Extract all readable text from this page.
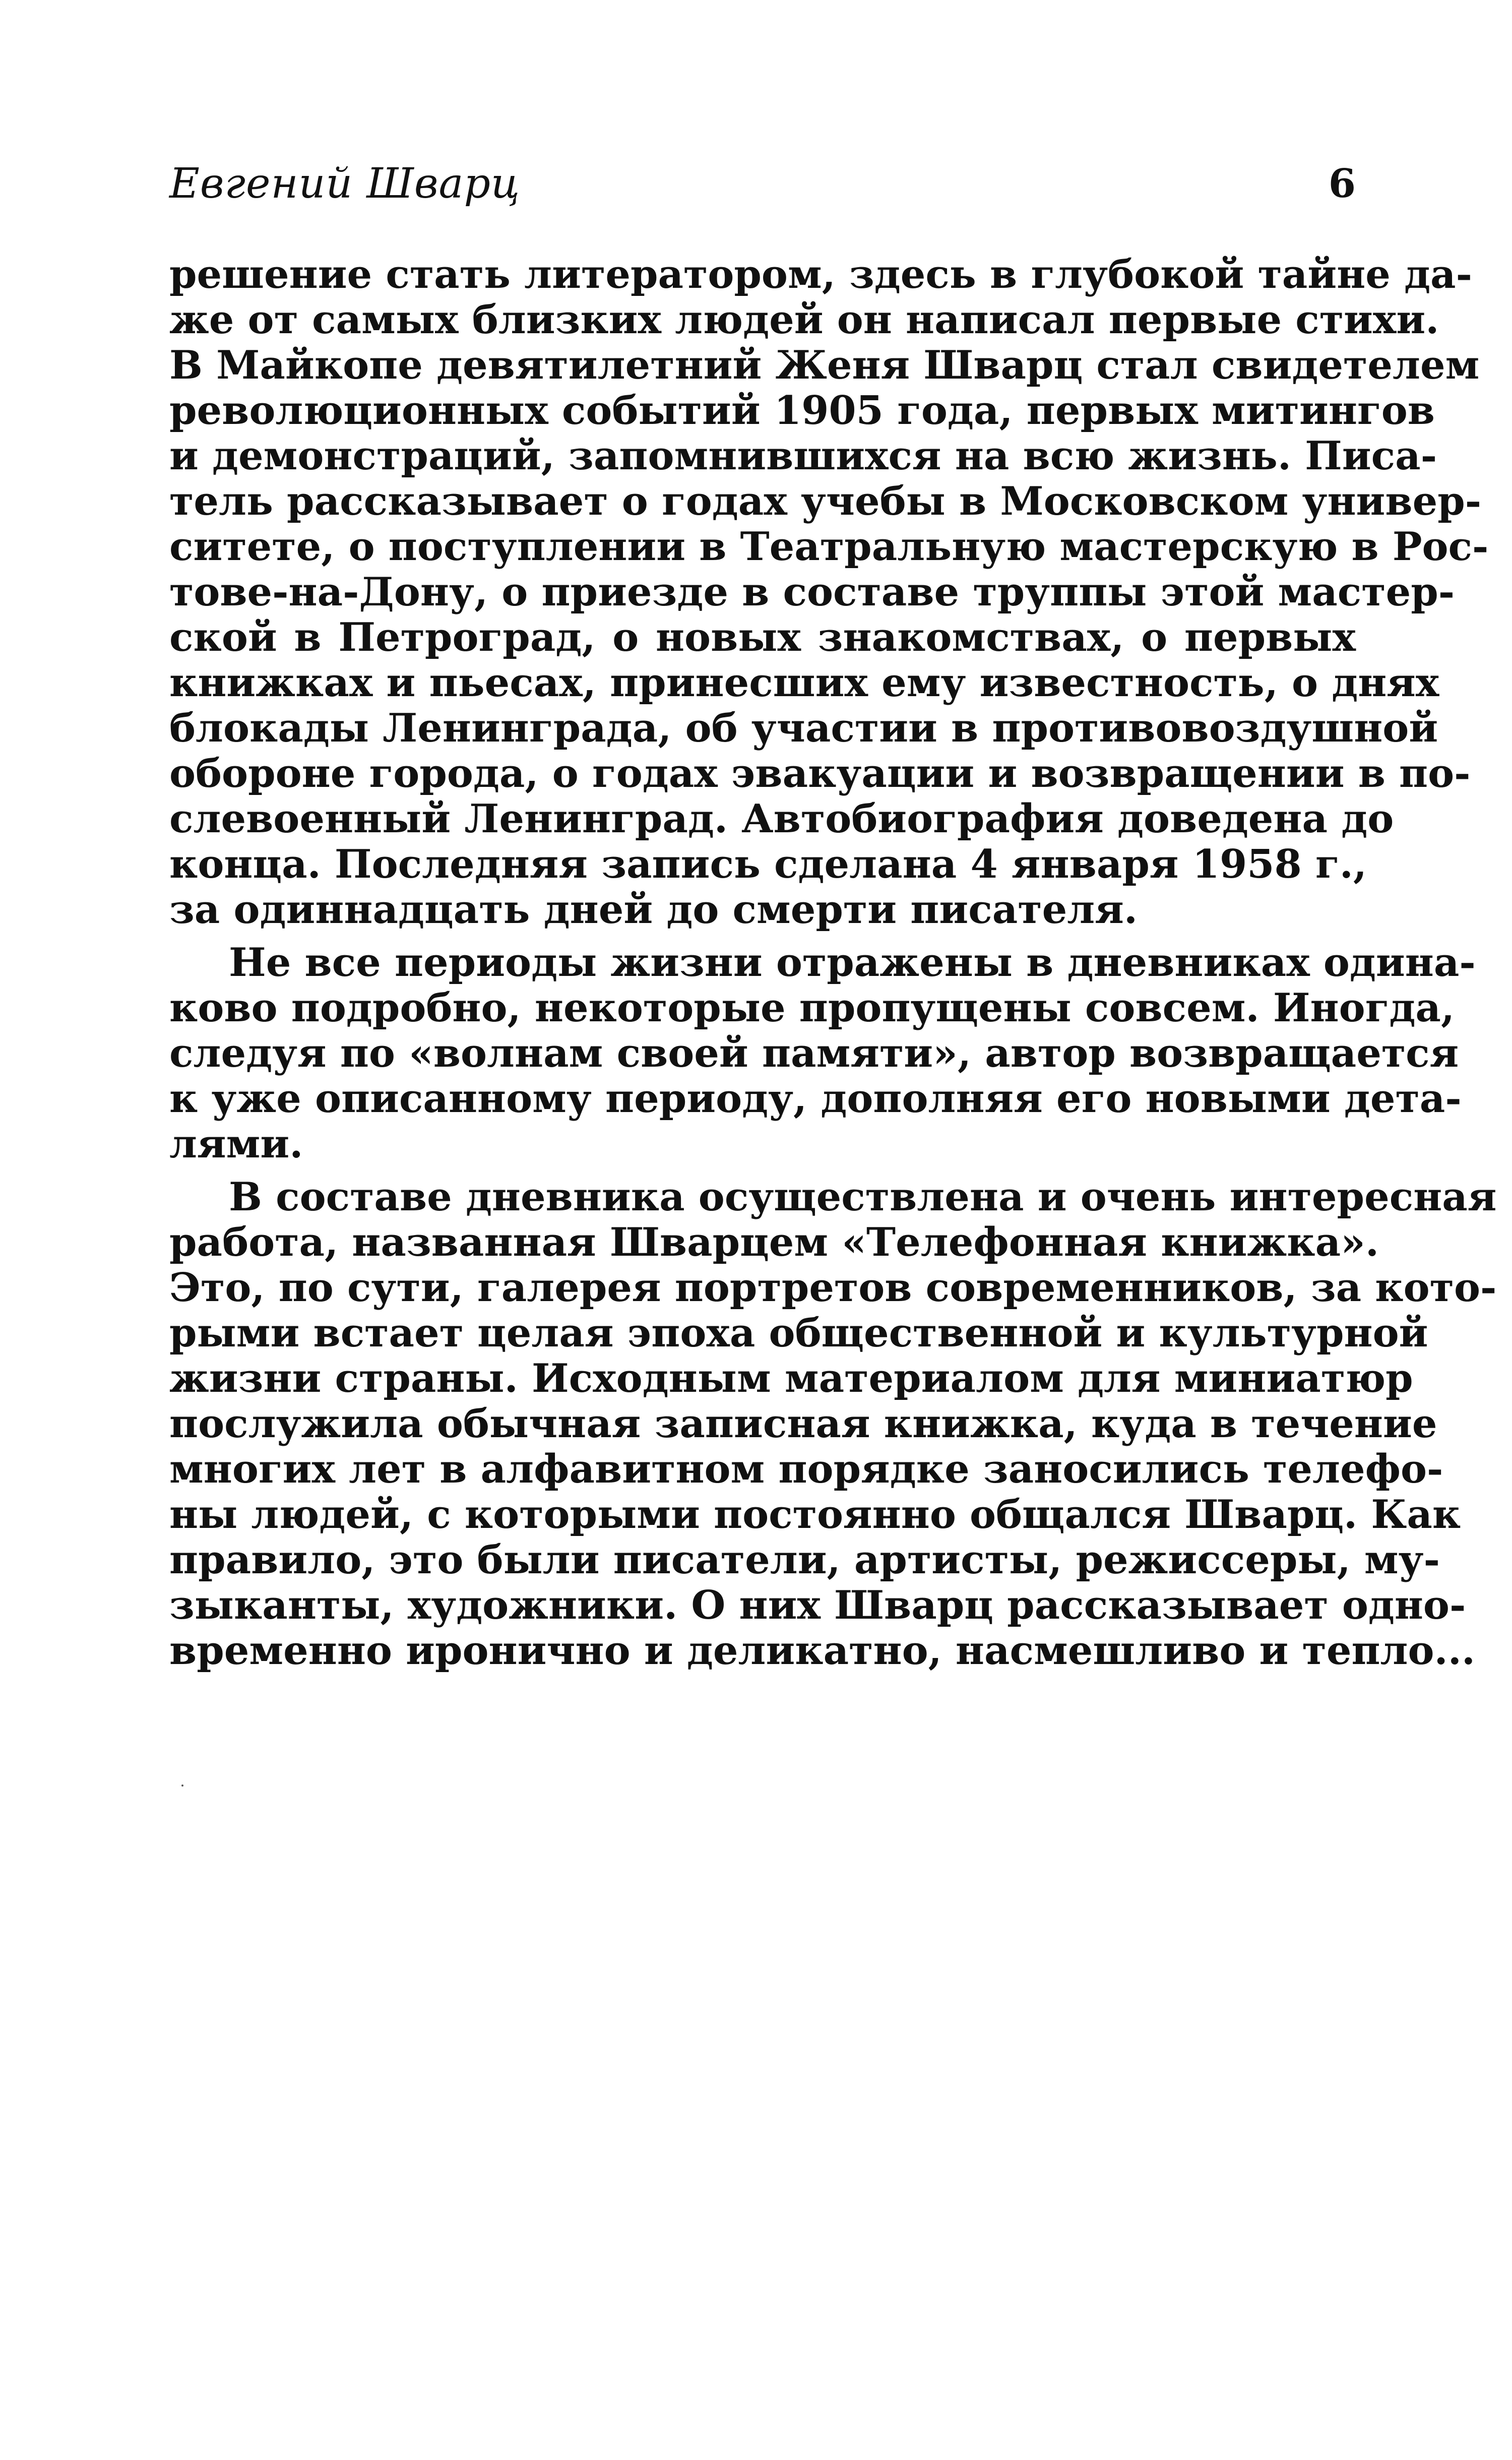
Евгений Шварц	6
решение стать литератором, здесь в глубокой тайне да-
же от самых близких людей он написал первые стихи.
В Майкопе девятилетний Женя Шварц стал свидетелем
революционных событий 1905 года, первых митингов
и демонстраций, запомнившихся на всю жизнь. Писа-
тель рассказывает о годах учебы в Московском универ-
ситете, о поступлении в Театральную мастерскую в Рос-
тове-на-Дону, о приезде в составе труппы этой мастер-
ской в Петроград, о новых знакомствах, о первых
книжках и пьесах, принесших ему известность, о днях
блокады Ленинграда, об участии в противовоздушной
обороне города, о годах эвакуации и возвращении в по-
слевоенный Ленинград. Автобиография доведена до
конца. Последняя запись сделана 4 января 1958 г.,
за одиннадцать дней до смерти писателя.
Не все периоды жизни отражены в дневниках одина-
ково подробно, некоторые пропущены совсем. Иногда,
следуя по «волнам своей памяти», автор возвращается
к уже описанному периоду, дополняя его новыми дета-
лями.
В составе дневника осуществлена и очень интересная
работа, названная Шварцем «Телефонная книжка».
Это, по сути, галерея портретов современников, за кото-
рыми встает целая эпоха общественной и культурной
жизни страны. Исходным материалом для миниатюр
послужила обычная записная книжка, куда в течение
многих лет в алфавитном порядке заносились телефо-
ны людей, с которыми постоянно общался Шварц. Как
правило, это были писатели, артисты, режиссеры, му-
зыканты, художники. О них Шварц рассказывает одно-
временно иронично и деликатно, насмешливо и тепло...
